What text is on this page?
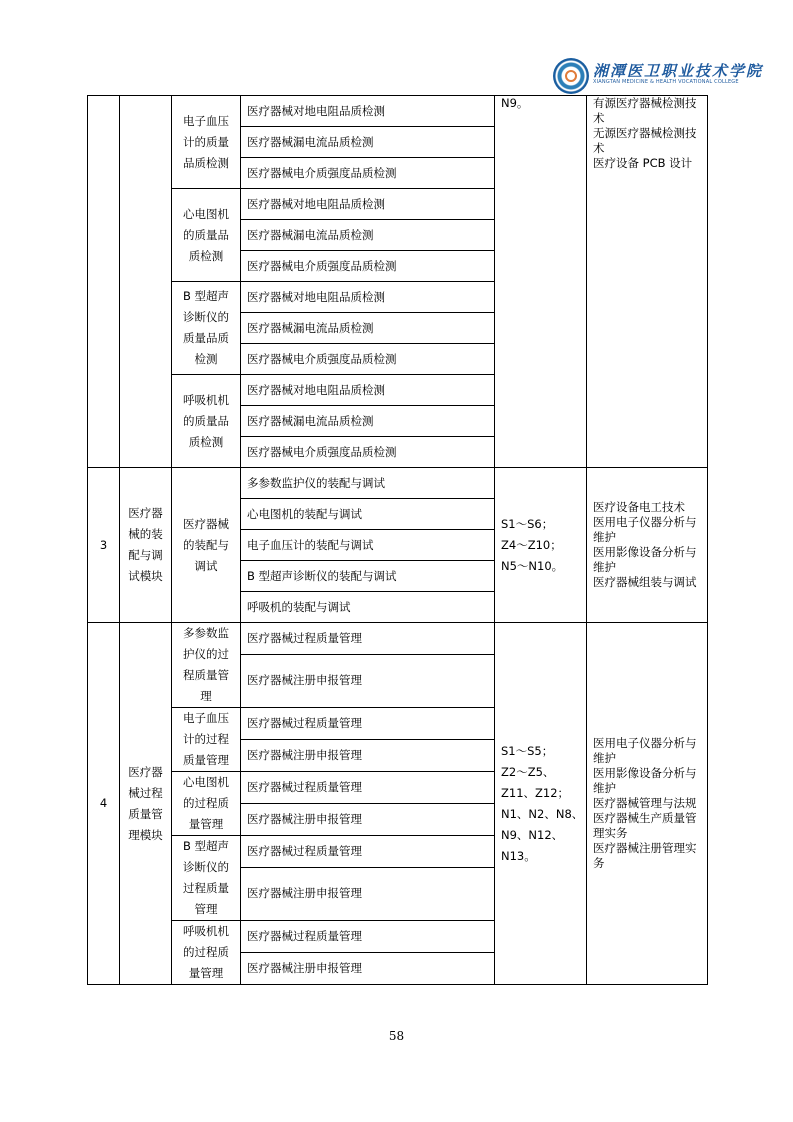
湘潭医卫职业技术学院
XIANGTAN MEDICINE & HEALTH VOCATIONAL COLLEGE
		电子血压计的质量品质检测	医疗器械对地电阻品质检测	N9。	有源医疗器械检测技术
无源医疗器械检测技术
医疗设备 PCB 设计

			医疗器械漏电流品质检测		
			医疗器械电介质强度品质检测		
		心电图机的质量品质检测	医疗器械对地电阻品质检测		
			医疗器械漏电流品质检测		
			医疗器械电介质强度品质检测		
		B 型超声诊断仪的质量品质检测	医疗器械对地电阻品质检测		
			医疗器械漏电流品质检测		
			医疗器械电介质强度品质检测		
		呼吸机机的质量品质检测	医疗器械对地电阻品质检测		
			医疗器械漏电流品质检测		
			医疗器械电介质强度品质检测		
3	医疗器械的装配与调试模块	医疗器械的装配与调试	多参数监护仪的装配与调试	S1～S6；
Z4～Z10；
N5～N10。	医疗设备电工技术
医用电子仪器分析与维护
医用影像设备分析与维护
医疗器械组装与调试

			心电图机的装配与调试		
			电子血压计的装配与调试		
			B 型超声诊断仪的装配与调试		
			呼吸机的装配与调试		
4	医疗器械过程质量管理模块	多参数监护仪的过程质量管理	医疗器械过程质量管理	S1～S5；
Z2～Z5、Z11、Z12；
N1、N2、N8、N9、N12、N13。	医用电子仪器分析与维护
医用影像设备分析与维护
医疗器械管理与法规
医疗器械生产质量管理实务
医疗器械注册管理实务

			医疗器械注册申报管理		
		电子血压计的过程质量管理	医疗器械过程质量管理		
			医疗器械注册申报管理		
		心电图机的过程质量管理	医疗器械过程质量管理		
			医疗器械注册申报管理		
		B 型超声诊断仪的过程质量管理	医疗器械过程质量管理		
			医疗器械注册申报管理		
		呼吸机机的过程质量管理	医疗器械过程质量管理		
			医疗器械注册申报管理		
58
